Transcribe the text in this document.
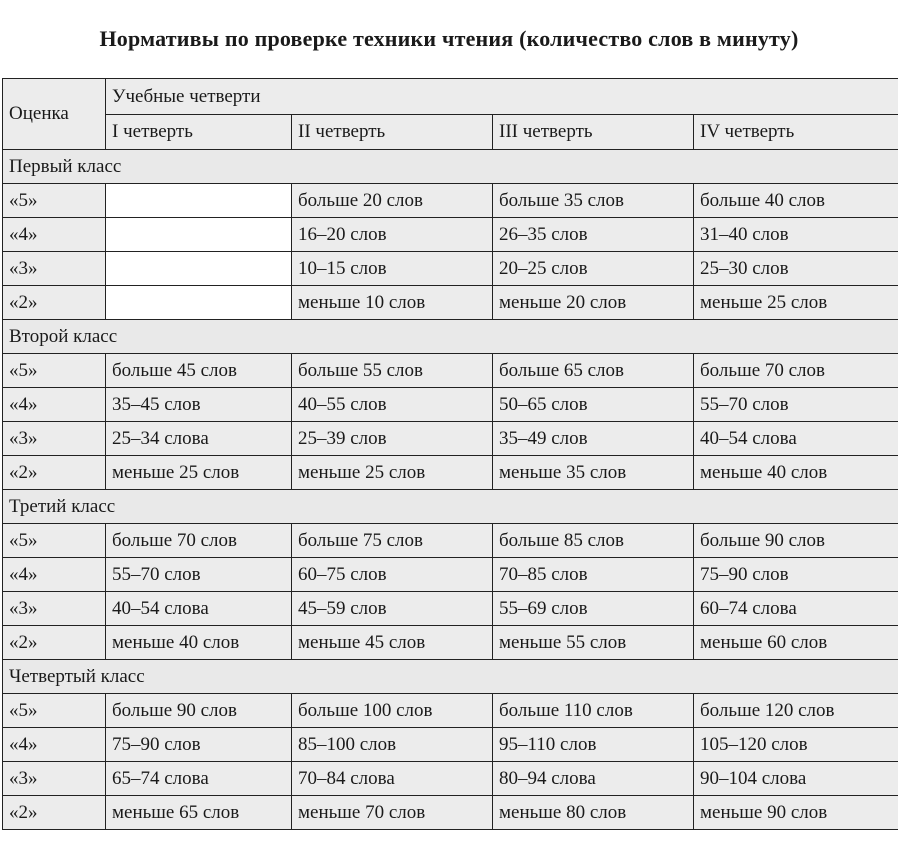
Нормативы по проверке техники чтения (количество слов в минуту)
Оценка	Учебные четверти			
	I четверть	II четверть	III четверть	IV четверть
Первый класс				
«5»		больше 20 слов	больше 35 слов	больше 40 слов
«4»		16–20 слов	26–35 слов	31–40 слов
«3»		10–15 слов	20–25 слов	25–30 слов
«2»		меньше 10 слов	меньше 20 слов	меньше 25 слов
Второй класс				
«5»	больше 45 слов	больше 55 слов	больше 65 слов	больше 70 слов
«4»	35–45 слов	40–55 слов	50–65 слов	55–70 слов
«3»	25–34 слова	25–39 слов	35–49 слов	40–54 слова
«2»	меньше 25 слов	меньше 25 слов	меньше 35 слов	меньше 40 слов
Третий класс				
«5»	больше 70 слов	больше 75 слов	больше 85 слов	больше 90 слов
«4»	55–70 слов	60–75 слов	70–85 слов	75–90 слов
«3»	40–54 слова	45–59 слов	55–69 слов	60–74 слова
«2»	меньше 40 слов	меньше 45 слов	меньше 55 слов	меньше 60 слов
Четвертый класс				
«5»	больше 90 слов	больше 100 слов	больше 110 слов	больше 120 слов
«4»	75–90 слов	85–100 слов	95–110 слов	105–120 слов
«3»	65–74 слова	70–84 слова	80–94 слова	90–104 слова
«2»	меньше 65 слов	меньше 70 слов	меньше 80 слов	меньше 90 слов
